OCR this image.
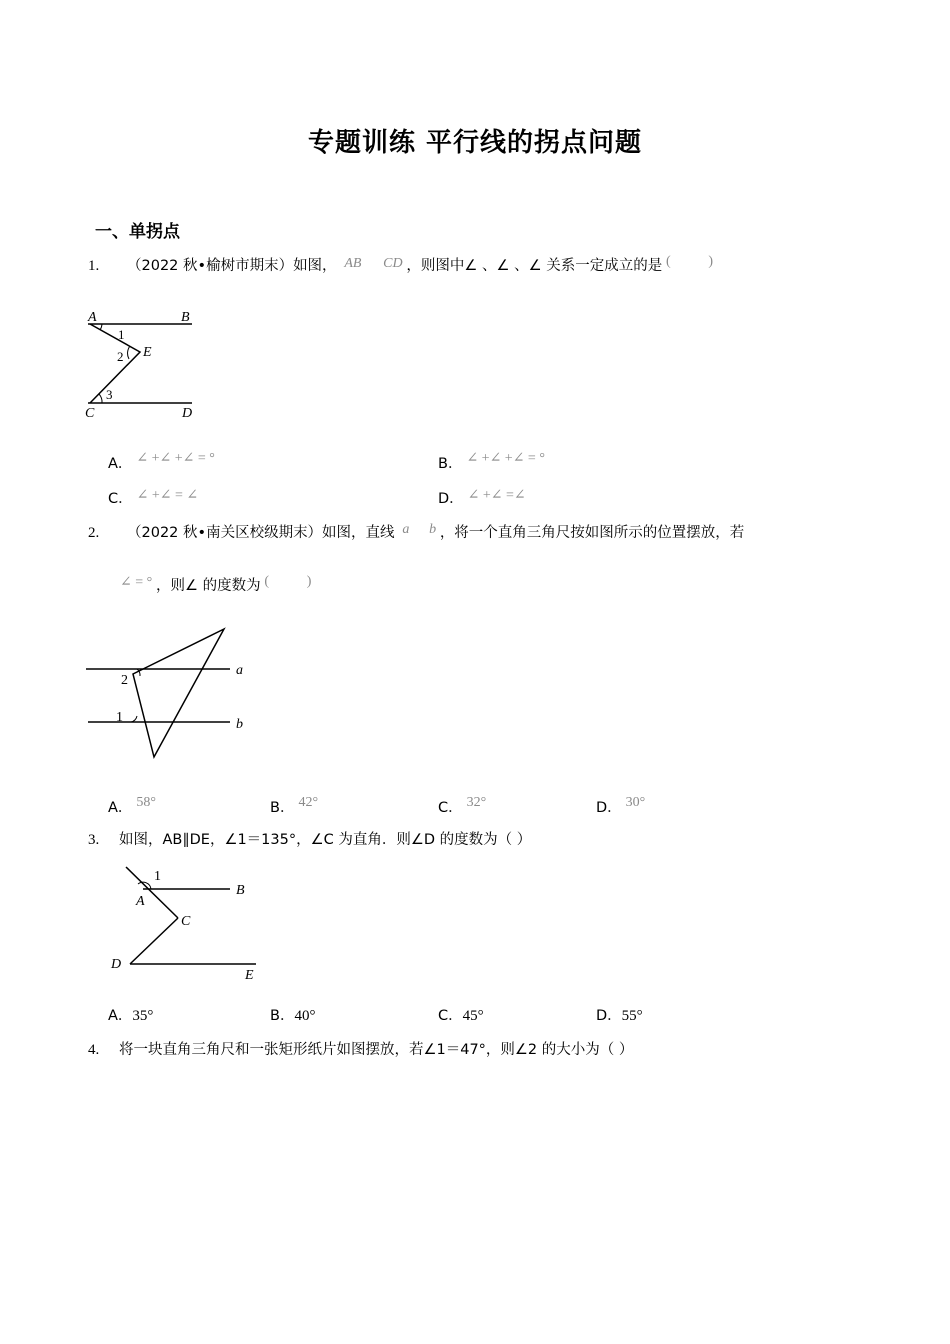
专题训练 平行线的拐点问题
一、单拐点
1. （2022 秋•榆树市期末）如图， AB CD ，则图中∠ 、∠ 、∠ 关系一定成立的是 (	)
A	B
C	D
E
1
2
3
A． ∠ +∠ +∠ = °	B． ∠ +∠ +∠ = °
C． ∠ +∠ = ∠	D． ∠ +∠ =∠
2. （2022 秋•南关区校级期末）如图，直线 a b ，将一个直角三角尺按如图所示的位置摆放，若
∠ = ° ，则∠ 的度数为 (	)
a
b
2
1
A． 58°	B． 42°	C． 32°	D． 30°
3. 如图，AB∥DE，∠1＝135°，∠C 为直角．则∠D 的度数为（ ）
1
A
B
C
D
E
A．35°	B．40°	C．45°	D．55°
4. 将一块直角三角尺和一张矩形纸片如图摆放，若∠1＝47°，则∠2 的大小为（ ）
